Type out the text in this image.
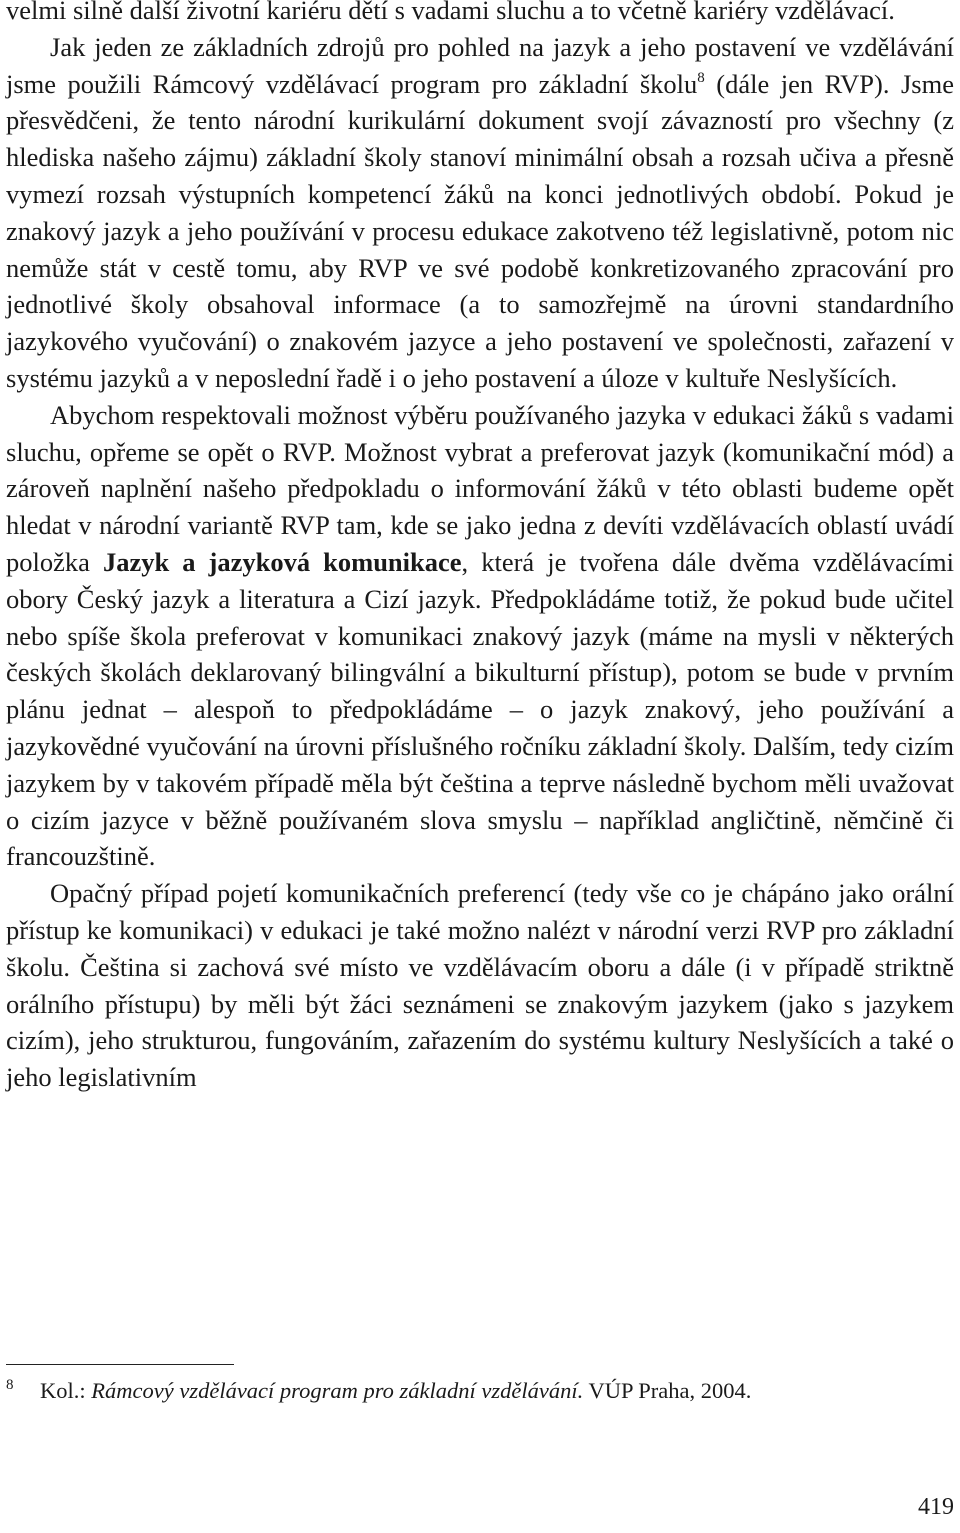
velmi silně další životní kariéru dětí s vadami sluchu a to včetně kariéry vzdělávací.

Jak jeden ze základních zdrojů pro pohled na jazyk a jeho postavení ve vzdělávání jsme použili Rámcový vzdělávací program pro základní školu$^8$ (dále jen RVP). Jsme přesvědčeni, že tento národní kurikulární dokument svojí závazností pro všechny (z hlediska našeho zájmu) základní školy stanoví minimální obsah a rozsah učiva a přesně vymezí rozsah výstupních kompetencí žáků na konci jednotlivých období. Pokud je znakový jazyk a jeho používání v procesu edukace zakotveno též legislativně, potom nic nemůže stát v cestě tomu, aby RVP ve své podobě konkretizovaného zpracování pro jednotlivé školy obsahoval informace (a to samozřejmě na úrovni standardního jazykového vyučování) o znakovém jazyce a jeho postavení ve společnosti, zařazení v systému jazyků a v neposlední řadě i o jeho postavení a úloze v kultuře Neslyšících.

Abychom respektovali možnost výběru používaného jazyka v edukaci žáků s vadami sluchu, opřeme se opět o RVP. Možnost vybrat a preferovat jazyk (komunikační mód) a zároveň naplnění našeho předpokladu o informování žáků v této oblasti budeme opět hledat v národní variantě RVP tam, kde se jako jedna z devíti vzdělávacích oblastí uvádí položka Jazyk a jazyková komunikace, která je tvořena dále dvěma vzdělávacími obory Český jazyk a literatura a Cizí jazyk. Předpokládáme totiž, že pokud bude učitel nebo spíše škola preferovat v komunikaci znakový jazyk (máme na mysli v některých českých školách deklarovaný bilingvální a bikulturní přístup), potom se bude v prvním plánu jednat – alespoň to předpokládáme – o jazyk znakový, jeho používání a jazykovědné vyučování na úrovni příslušného ročníku základní školy. Dalším, tedy cizím jazykem by v takovém případě měla být čeština a teprve následně bychom měli uvažovat o cizím jazyce v běžně používaném slova smyslu – například angličtině, němčině či francouzštině.

Opačný případ pojetí komunikačních preferencí (tedy vše co je chápáno jako orální přístup ke komunikaci) v edukaci je také možno nalézt v národní verzi RVP pro základní školu. Čeština si zachová své místo ve vzdělávacím oboru a dále (i v případě striktně orálního přístupu) by měli být žáci seznámeni se znakovým jazykem (jako s jazykem cizím), jeho strukturou, fungováním, zařazením do systému kultury Neslyšících a také o jeho legislativním

8 Kol.: Rámcový vzdělávací program pro základní vzdělávání. VÚP Praha, 2004.
419
